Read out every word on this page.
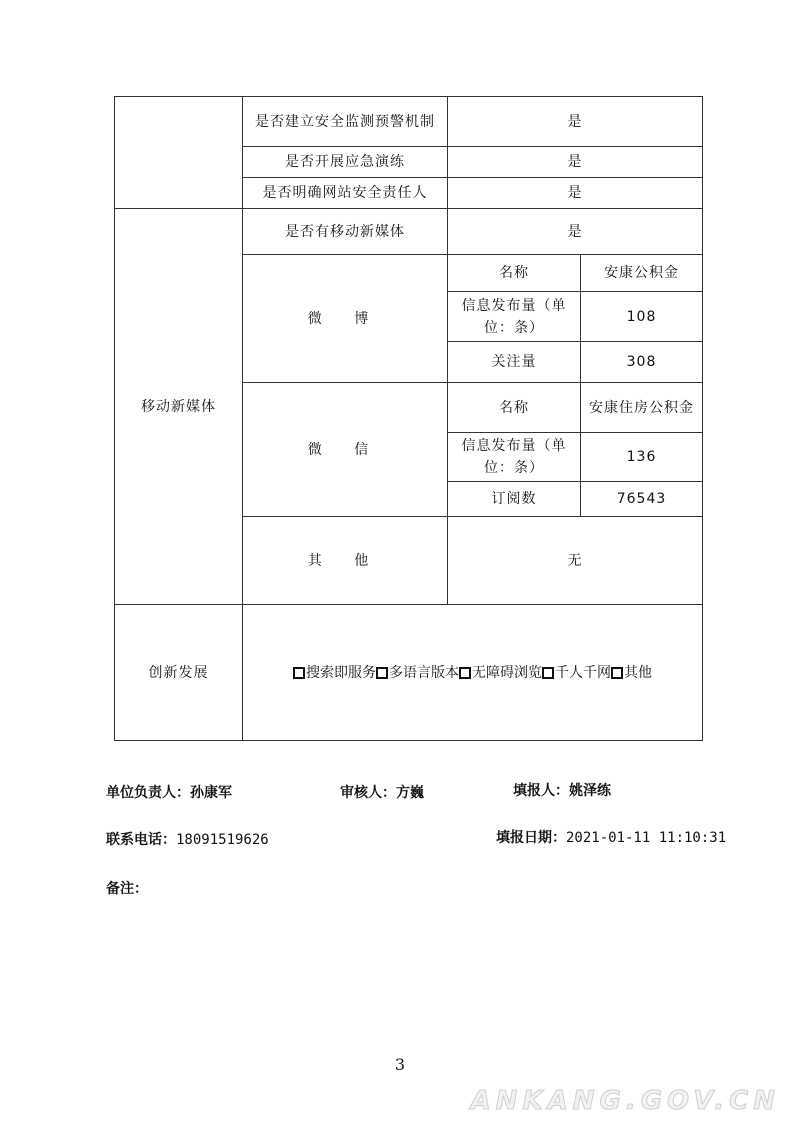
	是否建立安全监测预警机制	是	
	是否开展应急演练	是	
	是否明确网站安全责任人	是	
移动新媒体	是否有移动新媒体	是	
	微 博	名称	安康公积金
		信息发布量（单位：条）	108
		关注量	308
	微 信	名称	安康住房公积金
		信息发布量（单位：条）	136
		订阅数	76543
	其 他	无	
创新发展	搜索即服务 多语言版本 无障碍浏览 千人千网 其他		
单位负责人：孙康军	审核人：方巍	填报人：姚泽练
联系电话：18091519626	填报日期：2021-01-11 11:10:31
备注：
3
ANKANG.GOV.CN
